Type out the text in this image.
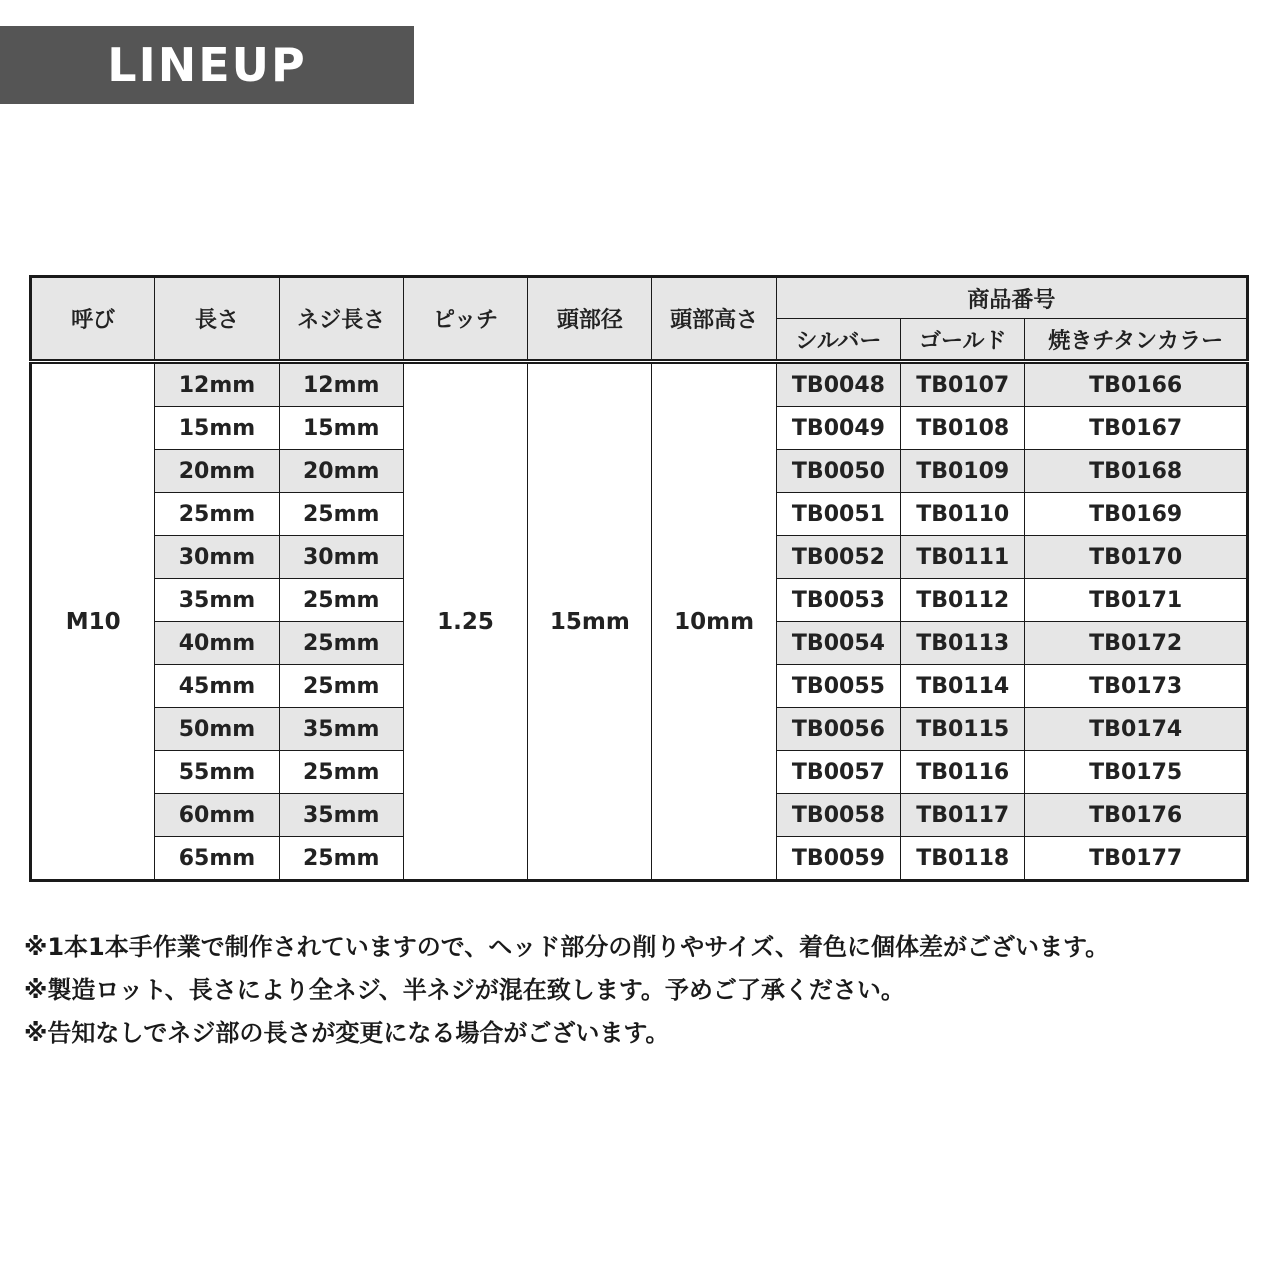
LINEUP
呼び	長さ	ネジ長さ	ピッチ	頭部径	頭部高さ	商品番号		
						シルバー	ゴールド	焼きチタンカラー
M10	12mm	12mm	1.25	15mm	10mm	TB0048	TB0107	TB0166
	15mm	15mm				TB0049	TB0108	TB0167
	20mm	20mm				TB0050	TB0109	TB0168
	25mm	25mm				TB0051	TB0110	TB0169
	30mm	30mm				TB0052	TB0111	TB0170
	35mm	25mm				TB0053	TB0112	TB0171
	40mm	25mm				TB0054	TB0113	TB0172
	45mm	25mm				TB0055	TB0114	TB0173
	50mm	35mm				TB0056	TB0115	TB0174
	55mm	25mm				TB0057	TB0116	TB0175
	60mm	35mm				TB0058	TB0117	TB0176
	65mm	25mm				TB0059	TB0118	TB0177

※1本1本手作業で制作されていますので、ヘッド部分の削りやサイズ、着色に個体差がございます。

※製造ロット、長さにより全ネジ、半ネジが混在致します。予めご了承ください。

※告知なしでネジ部の長さが変更になる場合がございます。
